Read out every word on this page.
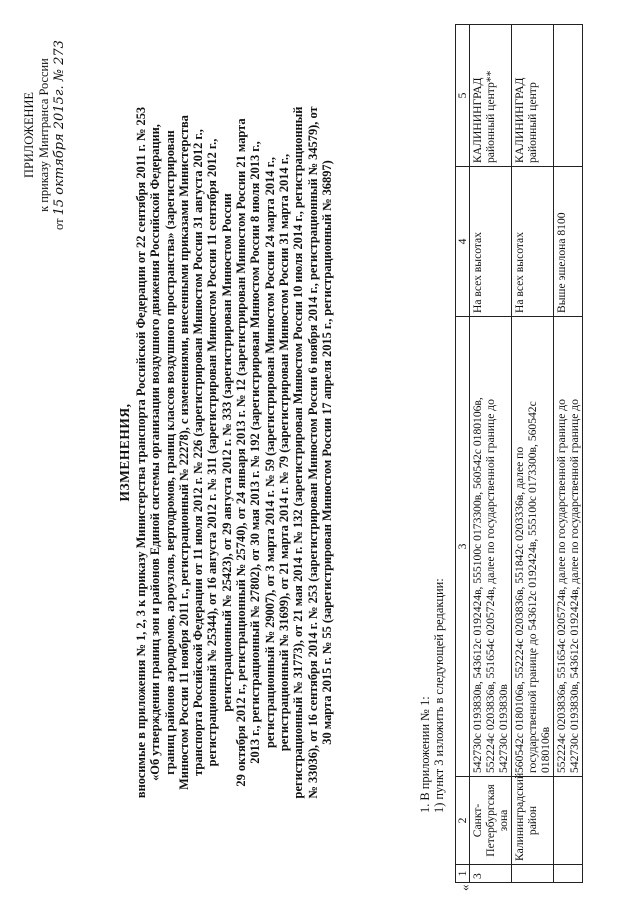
ПРИЛОЖЕНИЕ к приказу Минтранса России
от 15 октября 2015г. № 273
ИЗМЕНЕНИЯ, вносимые в приложения № 1, 2, 3 к приказу Министерства транспорта Российской Федерации от 22 сентября 2011 г. № 253 «Об утверждении границ зон и районов Единой системы организации воздушного движения Российской Федерации, границ районов аэродромов, аэроузлов, вертодромов, границ классов воздушного пространства» (зарегистрирован Минюстом России 11 ноября 2011 г., регистрационный № 22278), с изменениями, внесенными приказами Министерства транспорта Российской Федерации от 11 июля 2012 г. № 226 (зарегистрирован Минюстом России 31 августа 2012 г., регистрационный № 25344), от 16 августа 2012 г. № 311 (зарегистрирован Минюстом России 11 сентября 2012 г., регистрационный № 25423), от 29 августа 2012 г. № 333 (зарегистрирован Минюстом России 29 октября 2012 г., регистрационный № 25740), от 24 января 2013 г. № 12 (зарегистрирован Минюстом России 21 марта 2013 г., регистрационный № 27802), от 30 мая 2013 г. № 192 (зарегистрирован Минюстом России 8 июля 2013 г., регистрационный № 29007), от 3 марта 2014 г. № 59 (зарегистрирован Минюстом России 24 марта 2014 г., регистрационный № 31699), от 21 марта 2014 г. № 79 (зарегистрирован Минюстом России 31 марта 2014 г., регистрационный № 31773), от 21 мая 2014 г. № 132 (зарегистрирован Минюстом России 10 июля 2014 г., регистрационный № 33036), от 16 сентября 2014 г. № 253 (зарегистрирован Минюстом России 6 ноября 2014 г., регистрационный № 34579), от 30 марта 2015 г. № 55 (зарегистрирован Минюстом России 17 апреля 2015 г., регистрационный № 36897)
1. В приложении № 1: 1) пункт 3 изложить в следующей редакции:
«
1	2	3	4	5
3	Санкт-Петербургская зона	542730с 0193830в, 543612с 0192424в, 555100с 0173300в, 560542с 0180106в, 552224с 0203836в, 551654с 0205724в, далее по государственной границе до 542730с 0193830в	На всех высотах	КАЛИНИНГРАД районный центр**
	Калининградский район	560542с 0180106в, 552224с 0203836в, 551842с 0203336в, далее по государственной границе до 543612с 0192424в, 555100с 0173300в, 560542с 0180106в	На всех высотах	КАЛИНИНГРАД районный центр

		552224с 0203836в, 551654с 0205724в, далее по государственной границе до 542730с 0193830в, 543612с 0192424в, далее по государственной границе до	Выше эшелона 8100	
